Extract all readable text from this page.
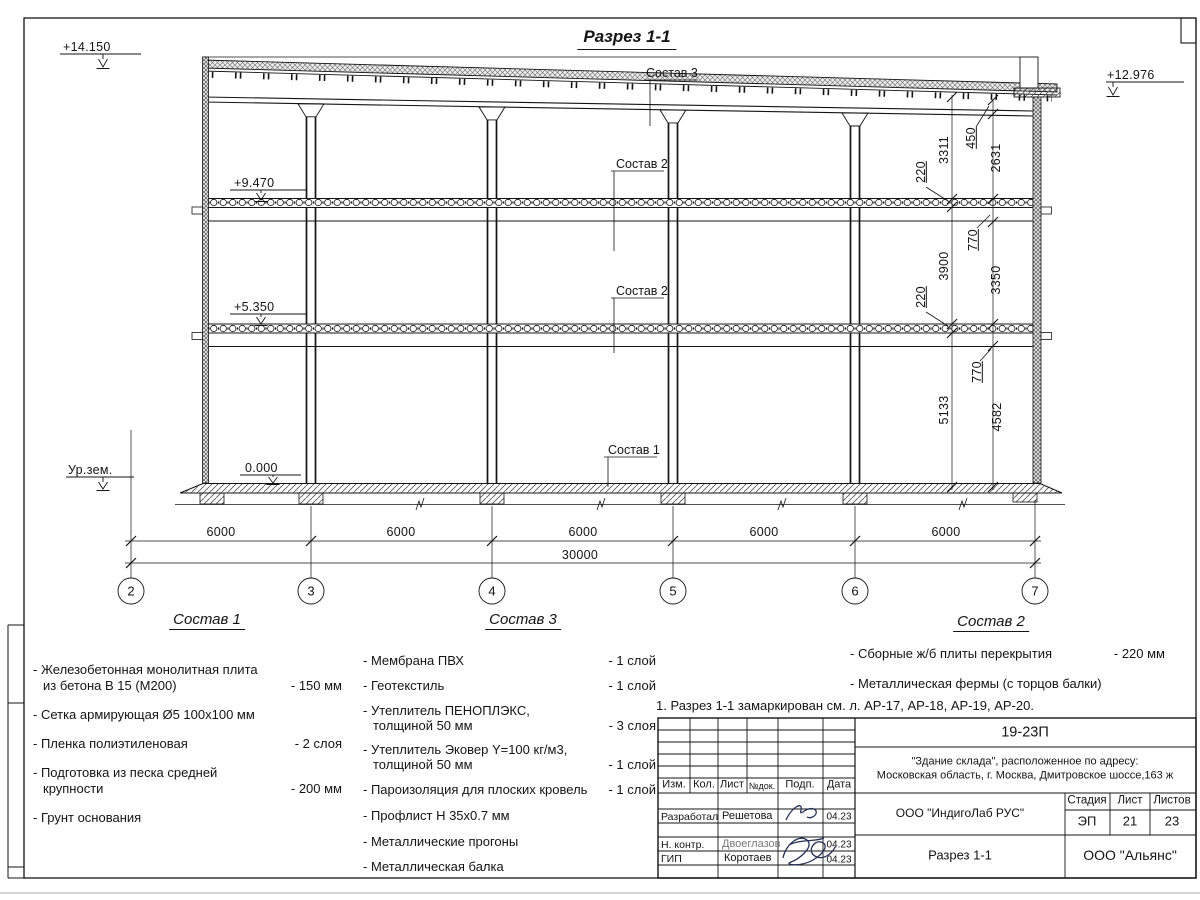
Разрез 1-1
+14.150
+12.976
+9.470
+5.350
0.000
Ур.зем.
Состав 3
Состав 2
Состав 2
Состав 1
6000	6000	6000	6000	6000
30000
2	3	4	5	6	7
3311
3900
5133
220
220
450
2631
770
3350
770
4582
Состав 1
- Железобетонная монолитная плита
из бетона В 15 (М200)	- 150 мм
- Сетка армирующая Ø5 100х100 мм
- Пленка полиэтиленовая	- 2 слоя
- Подготовка из песка средней
крупности	- 200 мм
- Грунт основания
Состав 3
- Мембрана ПВХ	- 1 слой
- Геотекстиль	- 1 слой
- Утеплитель ПЕНОПЛЭКС,
толщиной 50 мм	- 3 слоя
- Утеплитель Эковер Y=100 кг/м3,
толщиной 50 мм	- 1 слой
- Пароизоляция для плоских кровель - 1 слой
- Профлист Н 35х0.7 мм
- Металлические прогоны
- Металлическая балка
Состав 2
- Сборные ж/б плиты перекрытия	- 220 мм
- Металлическая фермы (с торцов балки)
1. Разрез 1-1 замаркирован см. л. АР-17, АР-18, АР-19, АР-20.
Изм. Кол. Лист №док. Подп. Дата
Разработал Решетова	04.23
Н. контр. Двоеглазов	04.23
ГИП	Коротаев	04.23
19-23П
"Здание склада", расположенное по адресу:
Московская область, г. Москва, Дмитровское шоссе,163 ж
ООО "ИндигоЛаб РУС"
Стадия Лист Листов
ЭП 21 23
Разрез 1-1	ООО "Альянс"
